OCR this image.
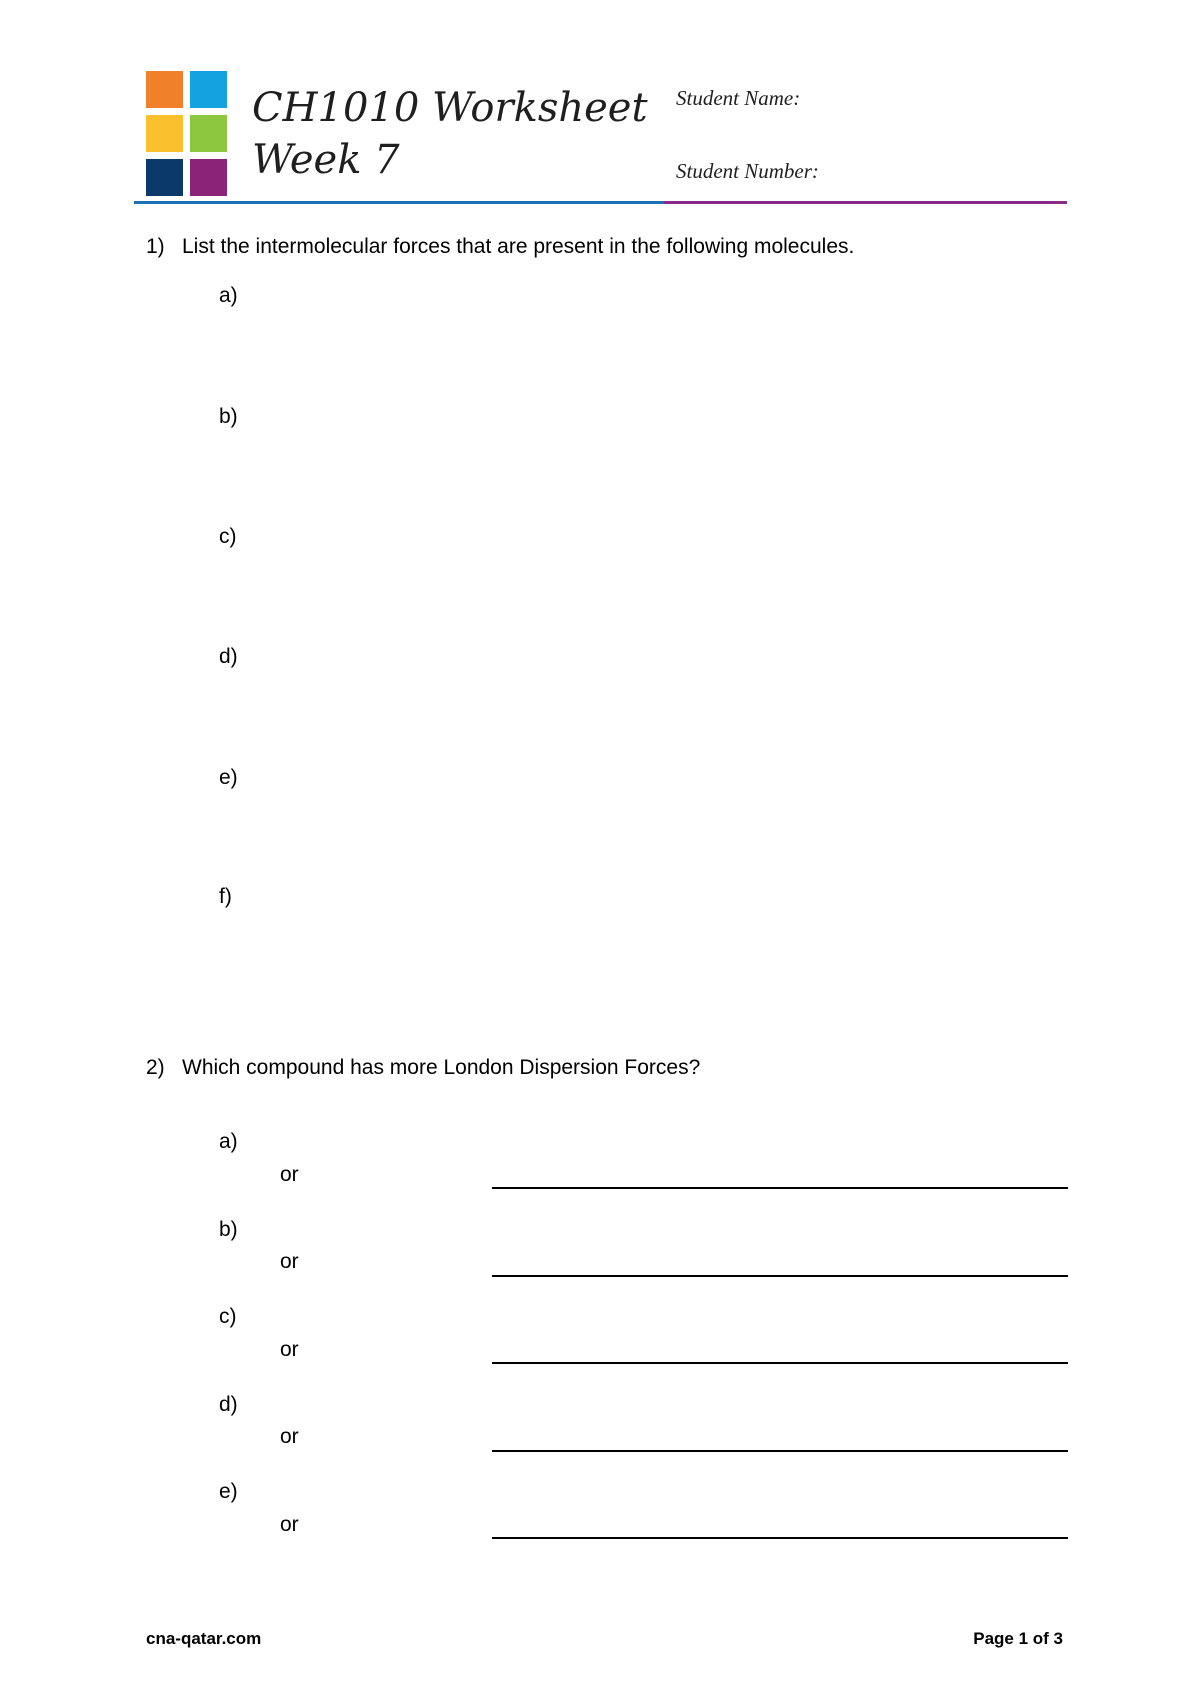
CH1010 Worksheet
Week 7
Student Name:
Student Number:
1) List the intermolecular forces that are present in the following molecules.
a)
b)
c)
d)
e)
f)
2) Which compound has more London Dispersion Forces?
a)
or
b)
or
c)
or
d)
or
e)
or
cna-qatar.com	Page 1 of 3
